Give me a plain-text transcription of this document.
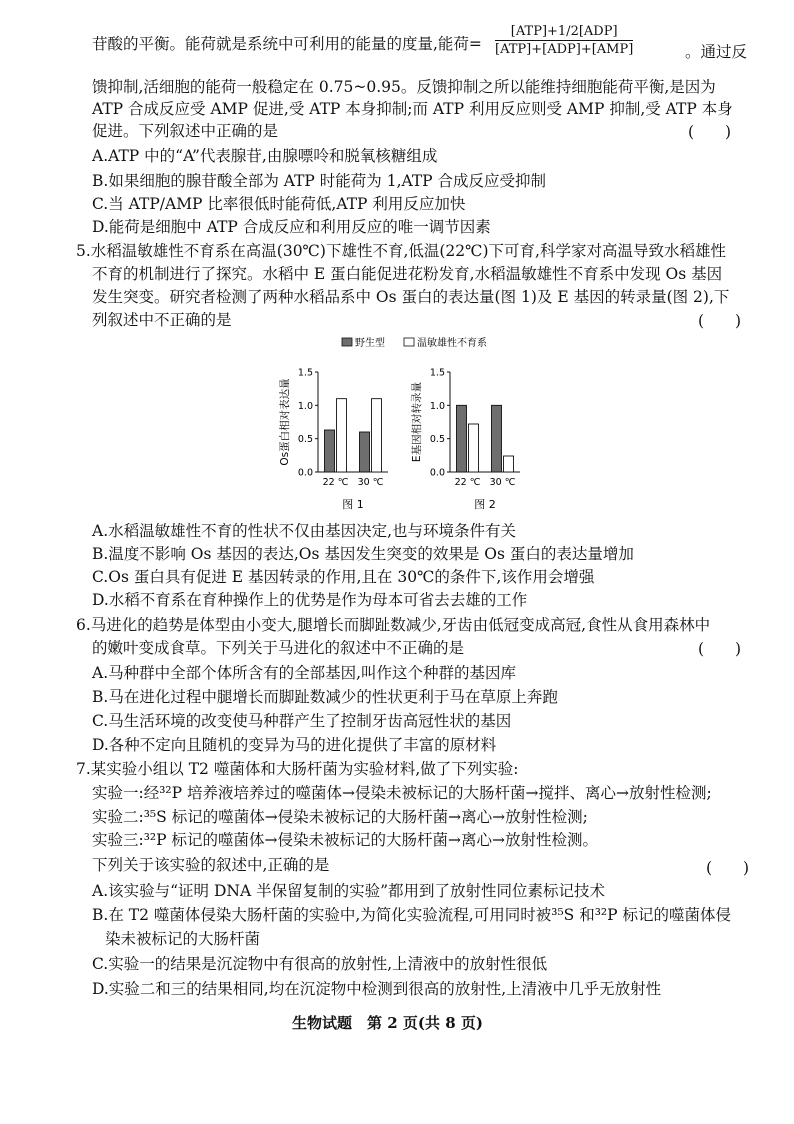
苷酸的平衡。能荷就是系统中可利用的能量的度量,能荷=
[ATP]+1/2[ADP]
[ATP]+[ADP]+[AMP]	。通过反
馈抑制,活细胞的能荷一般稳定在 0.75~0.95。反馈抑制之所以能维持细胞能荷平衡,是因为
ATP 合成反应受 AMP 促进,受 ATP 本身抑制;而 ATP 利用反应则受 AMP 抑制,受 ATP 本身
促进。下列叙述中正确的是	(　　)
A.ATP 中的“A”代表腺苷,由腺嘌呤和脱氧核糖组成
B.如果细胞的腺苷酸全部为 ATP 时能荷为 1,ATP 合成反应受抑制
C.当 ATP/AMP 比率很低时能荷低,ATP 利用反应加快
D.能荷是细胞中 ATP 合成反应和利用反应的唯一调节因素
5.水稻温敏雄性不育系在高温(30℃)下雄性不育,低温(22℃)下可育,科学家对高温导致水稻雄性
不育的机制进行了探究。水稻中 E 蛋白能促进花粉发育,水稻温敏雄性不育系中发现 Os 基因
发生突变。研究者检测了两种水稻品系中 Os 蛋白的表达量(图 1)及 E 基因的转录量(图 2),下
列叙述中不正确的是	(　　)
野生型	温敏雄性不育系
0.0
0.5
1.0
1.5
Os蛋白相对表达量
22 ℃ 30 ℃
图 1
0.0
0.5
1.0
1.5
E基因相对转录量
22 ℃ 30 ℃
图 2
A.水稻温敏雄性不育的性状不仅由基因决定,也与环境条件有关
B.温度不影响 Os 基因的表达,Os 基因发生突变的效果是 Os 蛋白的表达量增加
C.Os 蛋白具有促进 E 基因转录的作用,且在 30℃的条件下,该作用会增强
D.水稻不育系在育种操作上的优势是作为母本可省去去雄的工作
6.马进化的趋势是体型由小变大,腿增长而脚趾数减少,牙齿由低冠变成高冠,食性从食用森林中
的嫩叶变成食草。下列关于马进化的叙述中不正确的是	(　　)
A.马种群中全部个体所含有的全部基因,叫作这个种群的基因库
B.马在进化过程中腿增长而脚趾数减少的性状更利于马在草原上奔跑
C.马生活环境的改变使马种群产生了控制牙齿高冠性状的基因
D.各种不定向且随机的变异为马的进化提供了丰富的原材料
7.某实验小组以 T2 噬菌体和大肠杆菌为实验材料,做了下列实验:
实验一:经³²P 培养液培养过的噬菌体→侵染未被标记的大肠杆菌→搅拌、离心→放射性检测;
实验二:³⁵S 标记的噬菌体→侵染未被标记的大肠杆菌→离心→放射性检测;
实验三:³²P 标记的噬菌体→侵染未被标记的大肠杆菌→离心→放射性检测。
下列关于该实验的叙述中,正确的是	(　　)
A.该实验与“证明 DNA 半保留复制的实验”都用到了放射性同位素标记技术
B.在 T2 噬菌体侵染大肠杆菌的实验中,为简化实验流程,可用同时被³⁵S 和³²P 标记的噬菌体侵
染未被标记的大肠杆菌
C.实验一的结果是沉淀物中有很高的放射性,上清液中的放射性很低
D.实验二和三的结果相同,均在沉淀物中检测到很高的放射性,上清液中几乎无放射性
生物试题　第 2 页(共 8 页)
